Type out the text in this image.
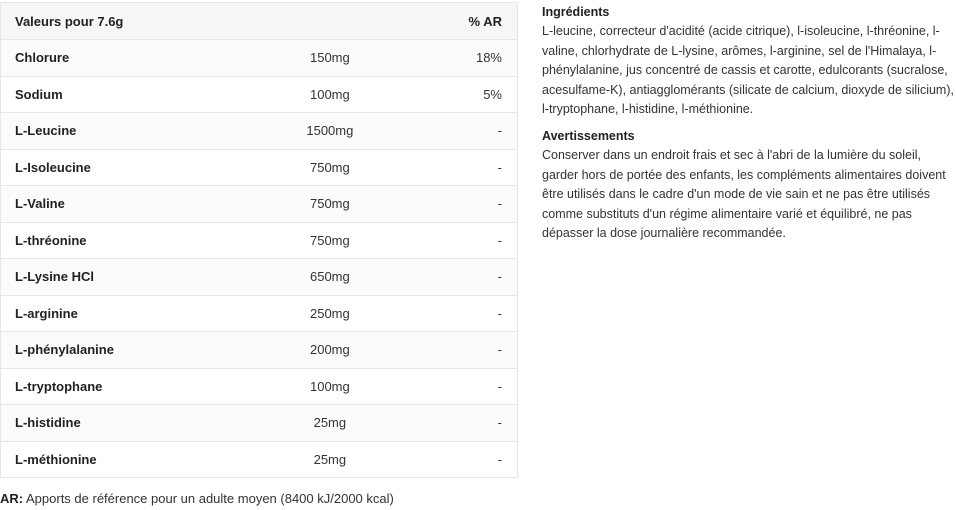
Valeurs pour 7.6g		% AR
Chlorure	150mg	18%
Sodium	100mg	5%
L-Leucine	1500mg	-
L-Isoleucine	750mg	-
L-Valine	750mg	-
L-thréonine	750mg	-
L-Lysine HCl	650mg	-
L-arginine	250mg	-
L-phénylalanine	200mg	-
L-tryptophane	100mg	-
L-histidine	25mg	-
L-méthionine	25mg	-
AR: Apports de référence pour un adulte moyen (8400 kJ/2000 kcal)
Ingrédients

L-leucine, correcteur d'acidité (acide citrique), l-isoleucine, l-thréonine, l-valine, chlorhydrate de L-lysine, arômes, l-arginine, sel de l'Himalaya, l-phénylalanine, jus concentré de cassis et carotte, edulcorants (sucralose, acesulfame-K), antiagglomérants (silicate de calcium, dioxyde de silicium), l-tryptophane, l-histidine, l-méthionine.

Avertissements

Conserver dans un endroit frais et sec à l'abri de la lumière du soleil, garder hors de portée des enfants, les compléments alimentaires doivent être utilisés dans le cadre d'un mode de vie sain et ne pas être utilisés comme substituts d'un régime alimentaire varié et équilibré, ne pas dépasser la dose journalière recommandée.
